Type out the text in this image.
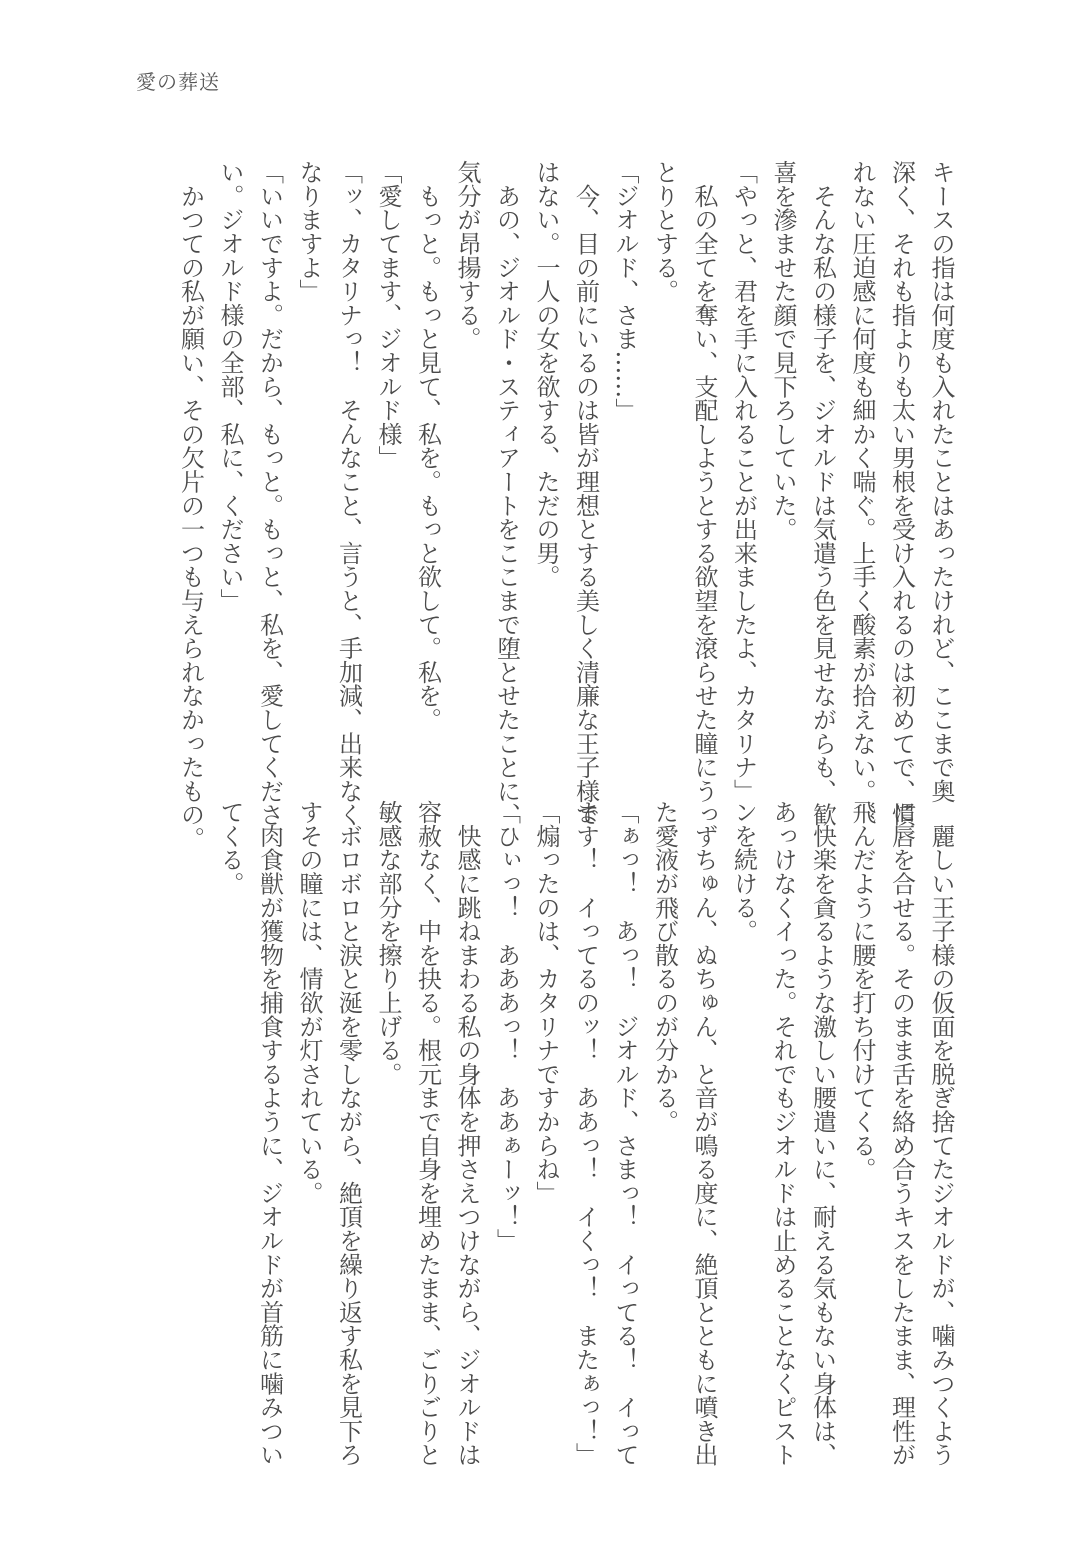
愛の葬送
キースの指は何度も入れたことはあったけれど、ここまで奥
深く、それも指よりも太い男根を受け入れるのは初めてで、慣
れない圧迫感に何度も細かく喘ぐ。上手く酸素が拾えない。
　そんな私の様子を、ジオルドは気遣う色を見せながらも、歓
喜を滲ませた顔で見下ろしていた。
「やっと、君を手に入れることが出来ましたよ、カタリナ」
　私の全てを奪い、支配しようとする欲望を滾らせた瞳にうっ
とりとする。
「ジオルド、さま……」
　今、目の前にいるのは皆が理想とする美しく清廉な王子様で
はない。一人の女を欲する、ただの男。
　あの、ジオルド・スティアートをここまで堕とせたことに、
気分が昂揚する。
　もっと。もっと見て、私を。もっと欲して。私を。
「愛してます、ジオルド様」
「ッ、カタリナっ！　そんなこと、言うと、手加減、出来なく
なりますよ」
「いいですよ。だから、もっと。もっと、私を、愛してくださ
い。ジオルド様の全部、私に、ください」
　かつての私が願い、その欠片の一つも与えられなかったもの。
　麗しい王子様の仮面を脱ぎ捨てたジオルドが、噛みつくよう
に唇を合せる。そのまま舌を絡め合うキスをしたまま、理性が
飛んだように腰を打ち付けてくる。
　快楽を貪るような激しい腰遣いに、耐える気もない身体は、
あっけなくイった。それでもジオルドは止めることなくピスト
ンを続ける。
　ずちゅん、ぬちゅん、と音が鳴る度に、絶頂とともに噴き出
た愛液が飛び散るのが分かる。
「ぁっ！　あっ！　ジオルド、さまっ！　イってる！　イって
ます！　イってるのッ！　ああっ！　イくっ！　またぁっ！」
「煽ったのは、カタリナですからね」
「ひぃっ！　あああっ！　ああぁーッ！」
　快感に跳ねまわる私の身体を押さえつけながら、ジオルドは
容赦なく、中を抉る。根元まで自身を埋めたまま、ごりごりと
敏感な部分を擦り上げる。
　ボロボロと涙と涎を零しながら、絶頂を繰り返す私を見下ろ
すその瞳には、情欲が灯されている。
　肉食獣が獲物を捕食するように、ジオルドが首筋に噛みつい
てくる。
